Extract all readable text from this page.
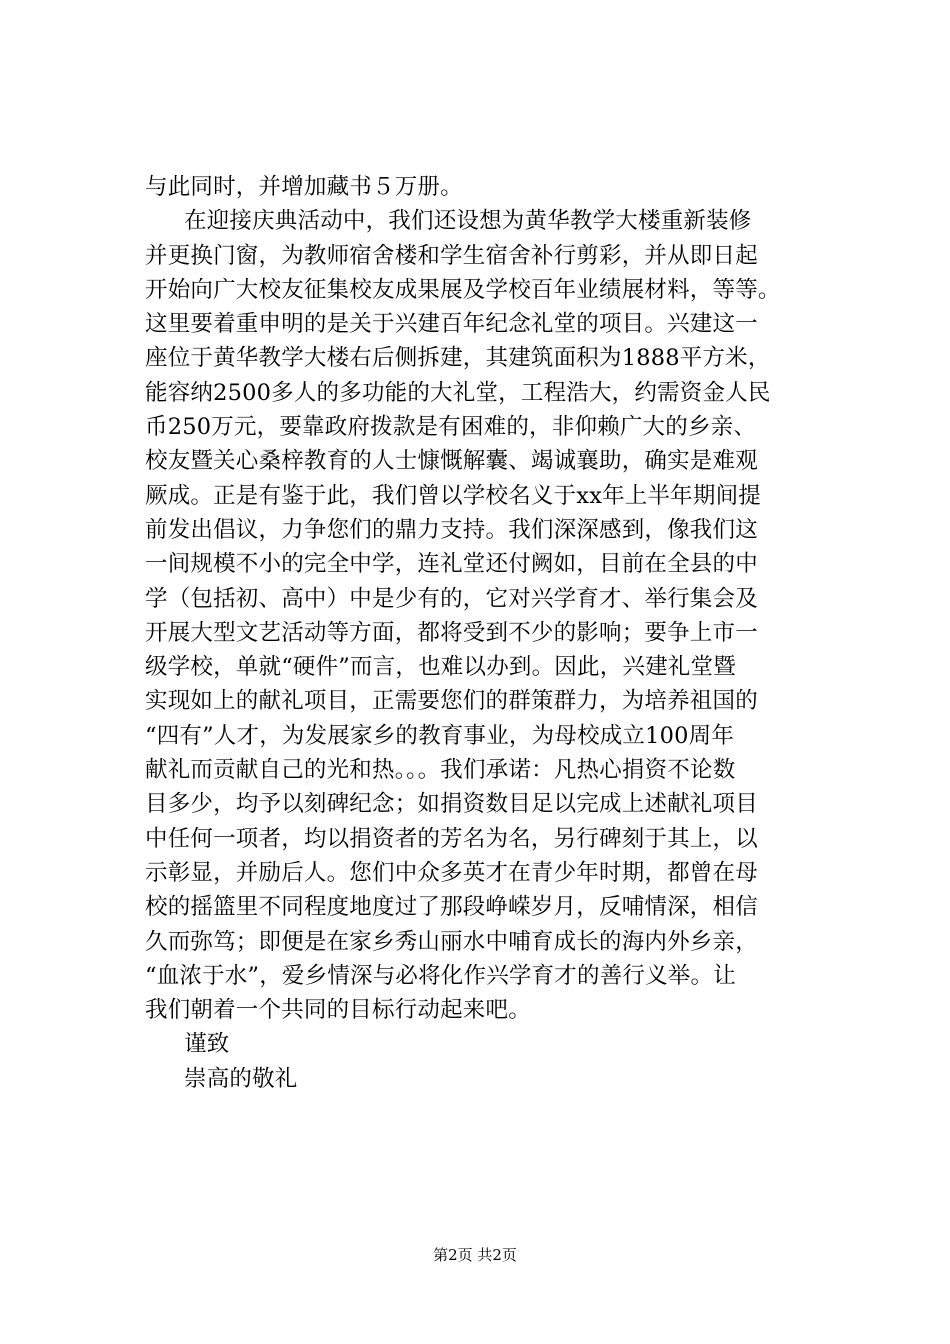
与此同时，并增加藏书５万册。
在迎接庆典活动中，我们还设想为黄华教学大楼重新装修
并更换门窗，为教师宿舍楼和学生宿舍补行剪彩，并从即日起
开始向广大校友征集校友成果展及学校百年业绩展材料，等等。
这里要着重申明的是关于兴建百年纪念礼堂的项目。兴建这一
座位于黄华教学大楼右后侧拆建，其建筑面积为1888平方米，
能容纳2500多人的多功能的大礼堂，工程浩大，约需资金人民
币250万元，要靠政府拨款是有困难的，非仰赖广大的乡亲、
校友暨关心桑梓教育的人士慷慨解囊、竭诚襄助，确实是难观
厥成。正是有鉴于此，我们曾以学校名义于xx年上半年期间提
前发出倡议，力争您们的鼎力支持。我们深深感到，像我们这
一间规模不小的完全中学，连礼堂还付阙如，目前在全县的中
学（包括初、高中）中是少有的，它对兴学育才、举行集会及
开展大型文艺活动等方面，都将受到不少的影响；要争上市一
级学校，单就“硬件”而言，也难以办到。因此，兴建礼堂暨
实现如上的献礼项目，正需要您们的群策群力，为培养祖国的
“四有”人才，为发展家乡的教育事业，为母校成立100周年
献礼而贡献自己的光和热。。。我们承诺：凡热心捐资不论数
目多少，均予以刻碑纪念；如捐资数目足以完成上述献礼项目
中任何一项者，均以捐资者的芳名为名，另行碑刻于其上，以
示彰显，并励后人。您们中众多英才在青少年时期，都曾在母
校的摇篮里不同程度地度过了那段峥嵘岁月，反哺情深，相信
久而弥笃；即便是在家乡秀山丽水中哺育成长的海内外乡亲，
“血浓于水”，爱乡情深与必将化作兴学育才的善行义举。让
我们朝着一个共同的目标行动起来吧。
谨致
崇高的敬礼
第2页 共2页
